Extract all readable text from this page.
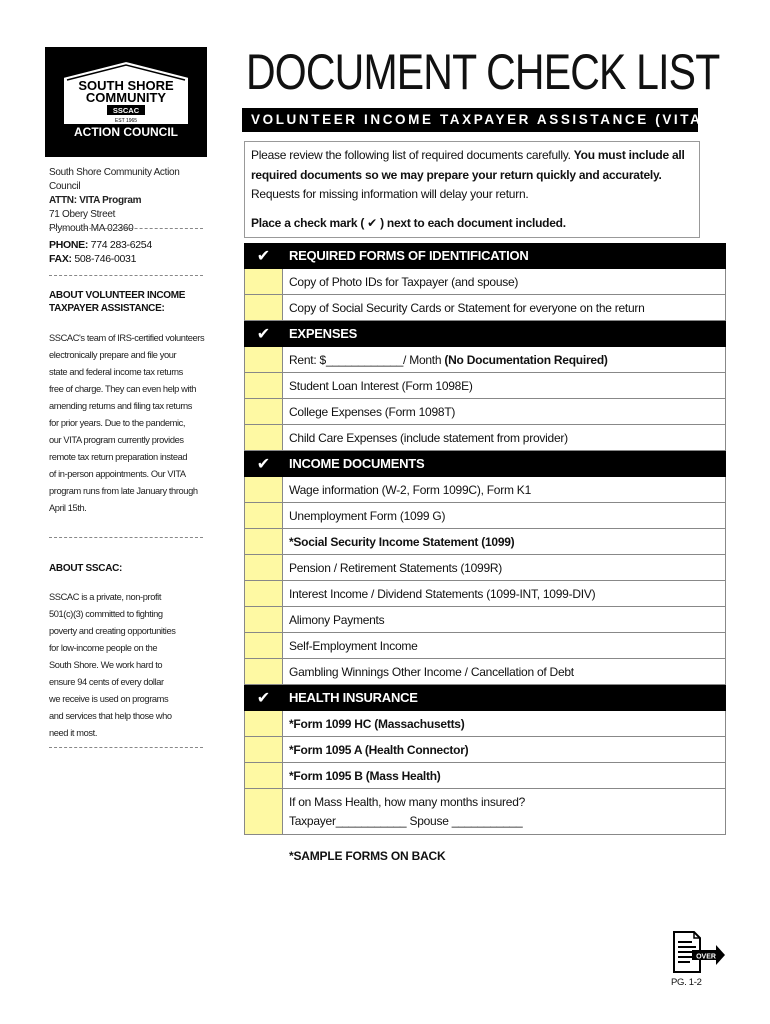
SOUTH SHORE
COMMUNITY
SSCAC
EST 1965
ACTION COUNCIL
South Shore Community Action Council
ATTN: VITA Program
71 Obery Street
Plymouth MA 02360
PHONE: 774 283-6254
FAX: 508-746-0031
ABOUT VOLUNTEER INCOME
TAXPAYER ASSISTANCE:
SSCAC's team of IRS-certified volunteers
electronically prepare and file your
state and federal income tax returns
free of charge. They can even help with
amending returns and filing tax returns
for prior years. Due to the pandemic,
our VITA program currently provides
remote tax return preparation instead
of in-person appointments. Our VITA
program runs from late January through
April 15th.
ABOUT SSCAC:
SSCAC is a private, non-profit
501(c)(3) committed to fighting
poverty and creating opportunities
for low-income people on the
South Shore. We work hard to
ensure 94 cents of every dollar
we receive is used on programs
and services that help those who
need it most.
DOCUMENT CHECK LIST
VOLUNTEER INCOME TAXPAYER ASSISTANCE (VITA)
Please review the following list of required documents carefully. You must include all required documents so we may prepare your return quickly and accurately. Requests for missing information will delay your return.
Place a check mark ( ✔ ) next to each document included.
✔	REQUIRED FORMS OF IDENTIFICATION
Copy of Photo IDs for Taxpayer (and spouse)
Copy of Social Security Cards or Statement for everyone on the return
✔	EXPENSES
Rent: $____________/ Month (No Documentation Required)
Student Loan Interest (Form 1098E)
College Expenses (Form 1098T)
Child Care Expenses (include statement from provider)
✔	INCOME DOCUMENTS
Wage information (W-2, Form 1099C), Form K1
Unemployment Form (1099 G)
*Social Security Income Statement (1099)
Pension / Retirement Statements (1099R)
Interest Income / Dividend Statements (1099-INT, 1099-DIV)
Alimony Payments
Self-Employment Income
Gambling Winnings Other Income / Cancellation of Debt
✔	HEALTH INSURANCE
*Form 1099 HC (Massachusetts)
*Form 1095 A (Health Connector)
*Form 1095 B (Mass Health)
If on Mass Health, how many months insured?
Taxpayer___________ Spouse ___________
*SAMPLE FORMS ON BACK
OVER
PG. 1-2
